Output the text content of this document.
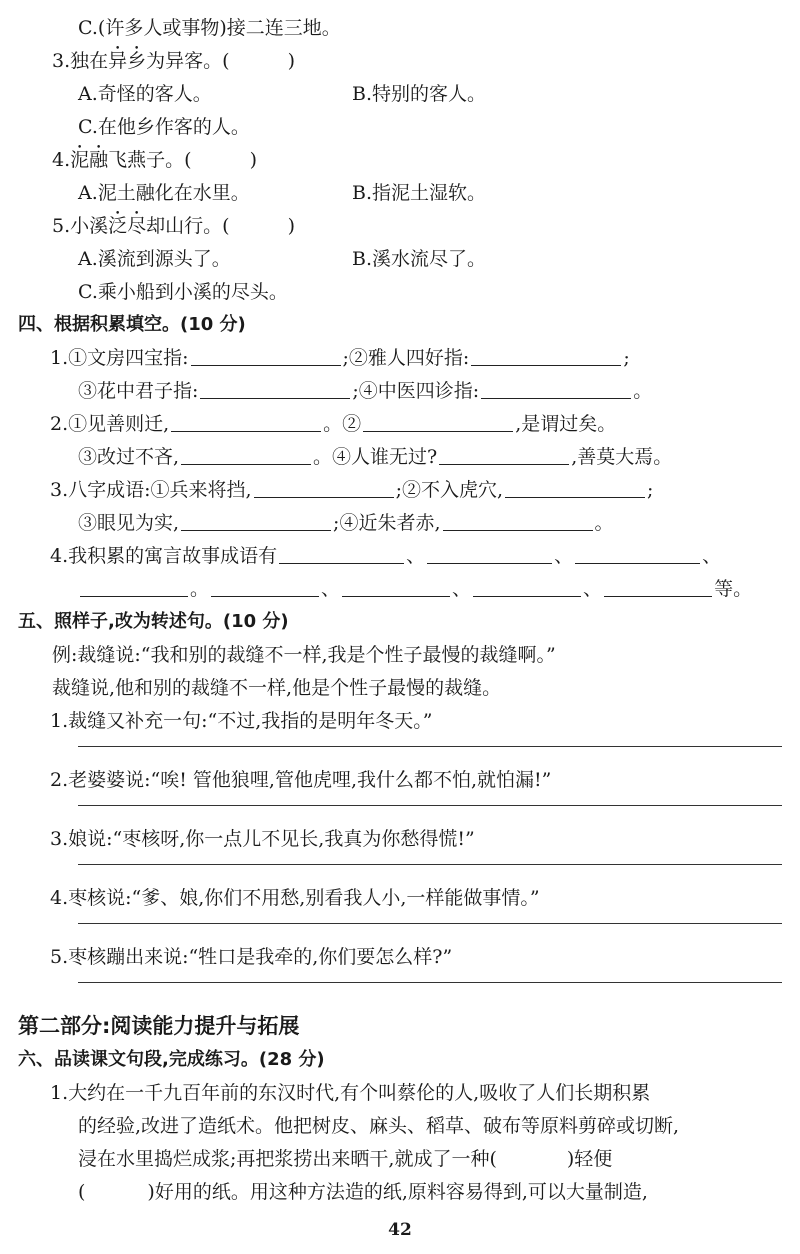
C.(许多人或事物)接二连三地。
3.独在异乡为异客。(	)
A.奇怪的客人。	B.特别的客人。
C.在他乡作客的人。
4.泥融飞燕子。(	)
A.泥土融化在水里。	B.指泥土湿软。
5.小溪泛尽却山行。(	)
A.溪流到源头了。	B.溪水流尽了。
C.乘小船到小溪的尽头。
四、根据积累填空。(10 分)
1.①文房四宝指:	;②雅人四好指:	;
③花中君子指:	;④中医四诊指:	。
2.①见善则迁,	。②	,是谓过矣。
③改过不吝,	。④人谁无过?	,善莫大焉。
3.八字成语:①兵来将挡,	;②不入虎穴,	;
③眼见为实,	;④近朱者赤,	。
4.我积累的寓言故事成语有	、	、	、
。	、	、	、	等。
五、照样子,改为转述句。(10 分)
例:裁缝说:“我和别的裁缝不一样,我是个性子最慢的裁缝啊。”
裁缝说,他和别的裁缝不一样,他是个性子最慢的裁缝。
1.裁缝又补充一句:“不过,我指的是明年冬天。”
2.老婆婆说:“唉! 管他狼哩,管他虎哩,我什么都不怕,就怕漏!”
3.娘说:“枣核呀,你一点儿不见长,我真为你愁得慌!”
4.枣核说:“爹、娘,你们不用愁,别看我人小,一样能做事情。”
5.枣核蹦出来说:“牲口是我牵的,你们要怎么样?”
第二部分:阅读能力提升与拓展
六、品读课文句段,完成练习。(28 分)
1.大约在一千九百年前的东汉时代,有个叫蔡伦的人,吸收了人们长期积累
的经验,改进了造纸术。他把树皮、麻头、稻草、破布等原料剪碎或切断,
浸在水里捣烂成浆;再把浆捞出来晒干,就成了一种(	)轻便
(	)好用的纸。用这种方法造的纸,原料容易得到,可以大量制造,
42
